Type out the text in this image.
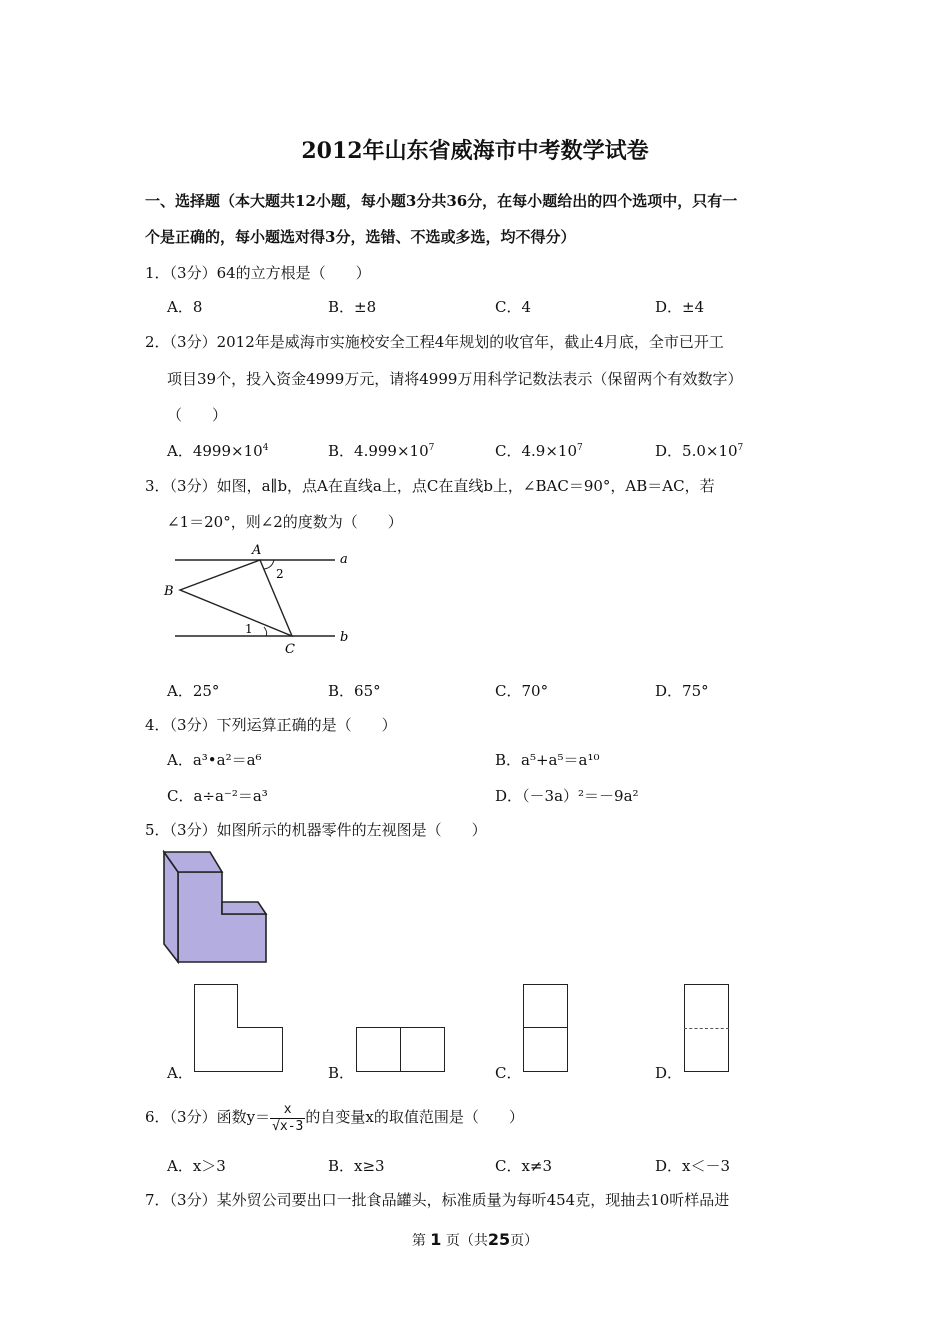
2012年山东省威海市中考数学试卷
一、选择题（本大题共12小题，每小题3分共36分，在每小题给出的四个选项中，只有一
个是正确的，每小题选对得3分，选错、不选或多选，均不得分）
1．（3分）64的立方根是（　　）
A．8	B．±8	C．4	D．±4
2．（3分）2012年是威海市实施校安全工程4年规划的收官年，截止4月底，全市已开工
项目39个，投入资金4999万元，请将4999万用科学记数法表示（保留两个有效数字）
（　　）
A．$4999\times 10^4$	B．$4.999\times 10^7$	C．$4.9\times 10^7$	D．$5.0\times 10^7$
3．（3分）如图，a∥b，点A在直线a上，点C在直线b上，∠BAC＝90°，AB＝AC，若
∠1＝20°，则∠2的度数为（　　）
A
B
C
a
b
1
2
A．25°	B．65°	C．70°	D．75°
4．（3分）下列运算正确的是（　　）
A．a³•a²＝a⁶	B．a⁵+a⁵＝a¹⁰
C．a÷a⁻²＝a³	D．（－3a）²＝－9a²
5．（3分）如图所示的机器零件的左视图是（　　）
A．	B．	C．	D．
6．（3分）函数$y= \frac{x}{√x-3}$ 的自变量x的取值范围是（　　）
A．x＞3	B．x≥3	C．x≠3	D．x＜－3
7．（3分）某外贸公司要出口一批食品罐头，标准质量为每听454克，现抽去10听样品进
第 1 页（共25页）
